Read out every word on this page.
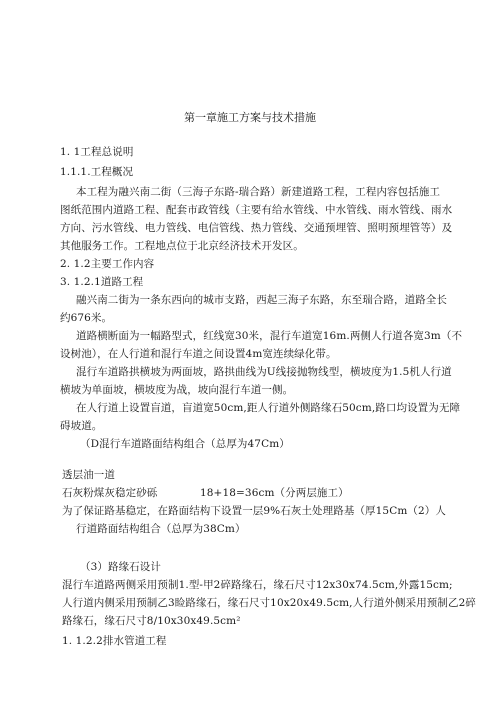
第一章施工方案与技术措施
1. 1工程总说明
1.1.1.工程概况
本工程为融兴南二街（三海子东路-瑞合路）新建道路工程，工程内容包括施工
图纸范围内道路工程、配套市政管线（主要有给水管线、中水管线、雨水管线、雨水
方向、污水管线、电力管线、电信管线、热力管线、交通预埋管、照明预埋管等）及
其他服务工作。工程地点位于北京经济技术开发区。
2. 1.2主要工作内容
3. 1.2.1道路工程
融兴南二街为一条东西向的城市支路，西起三海子东路，东至瑞合路，道路全长
约676米。
道路横断面为一幅路型式，红线宽30米，混行车道宽16m.两侧人行道各宽3m（不
设树池），在人行道和混行车道之间设置4m宽连续绿化带。
混行车道路拱横坡为两面坡，路拱曲线为U线接抛物线型，横坡度为1.5机人行道
横坡为单面坡，横坡度为战，坡向混行车道一侧。
在人行道上设置盲道，盲道宽50cm,距人行道外侧路缘石50cm,路口均设置为无障
碍坡道。
（D混行车道路面结构组合（总厚为47Cm）
透层油一道
石灰粉煤灰稳定砂砾	18+18=36cm（分两层施工）
为了保证路基稳定，在路面结构下设置一层9%石灰土处理路基（厚15Cm（2）人
行道路面结构组合（总厚为38Cm）
（3）路缘石设计
混行车道路两侧采用预制1.型-甲2碎路缘石，缘石尺寸12x30x74.5cm,外露15cm;
人行道内侧采用预制乙3睑路缘石，缘石尺寸10x20x49.5cm,人行道外侧采用预制乙2碎
路缘石，缘石尺寸8/10x30x49.5cm²
1. 1.2.2排水管道工程
